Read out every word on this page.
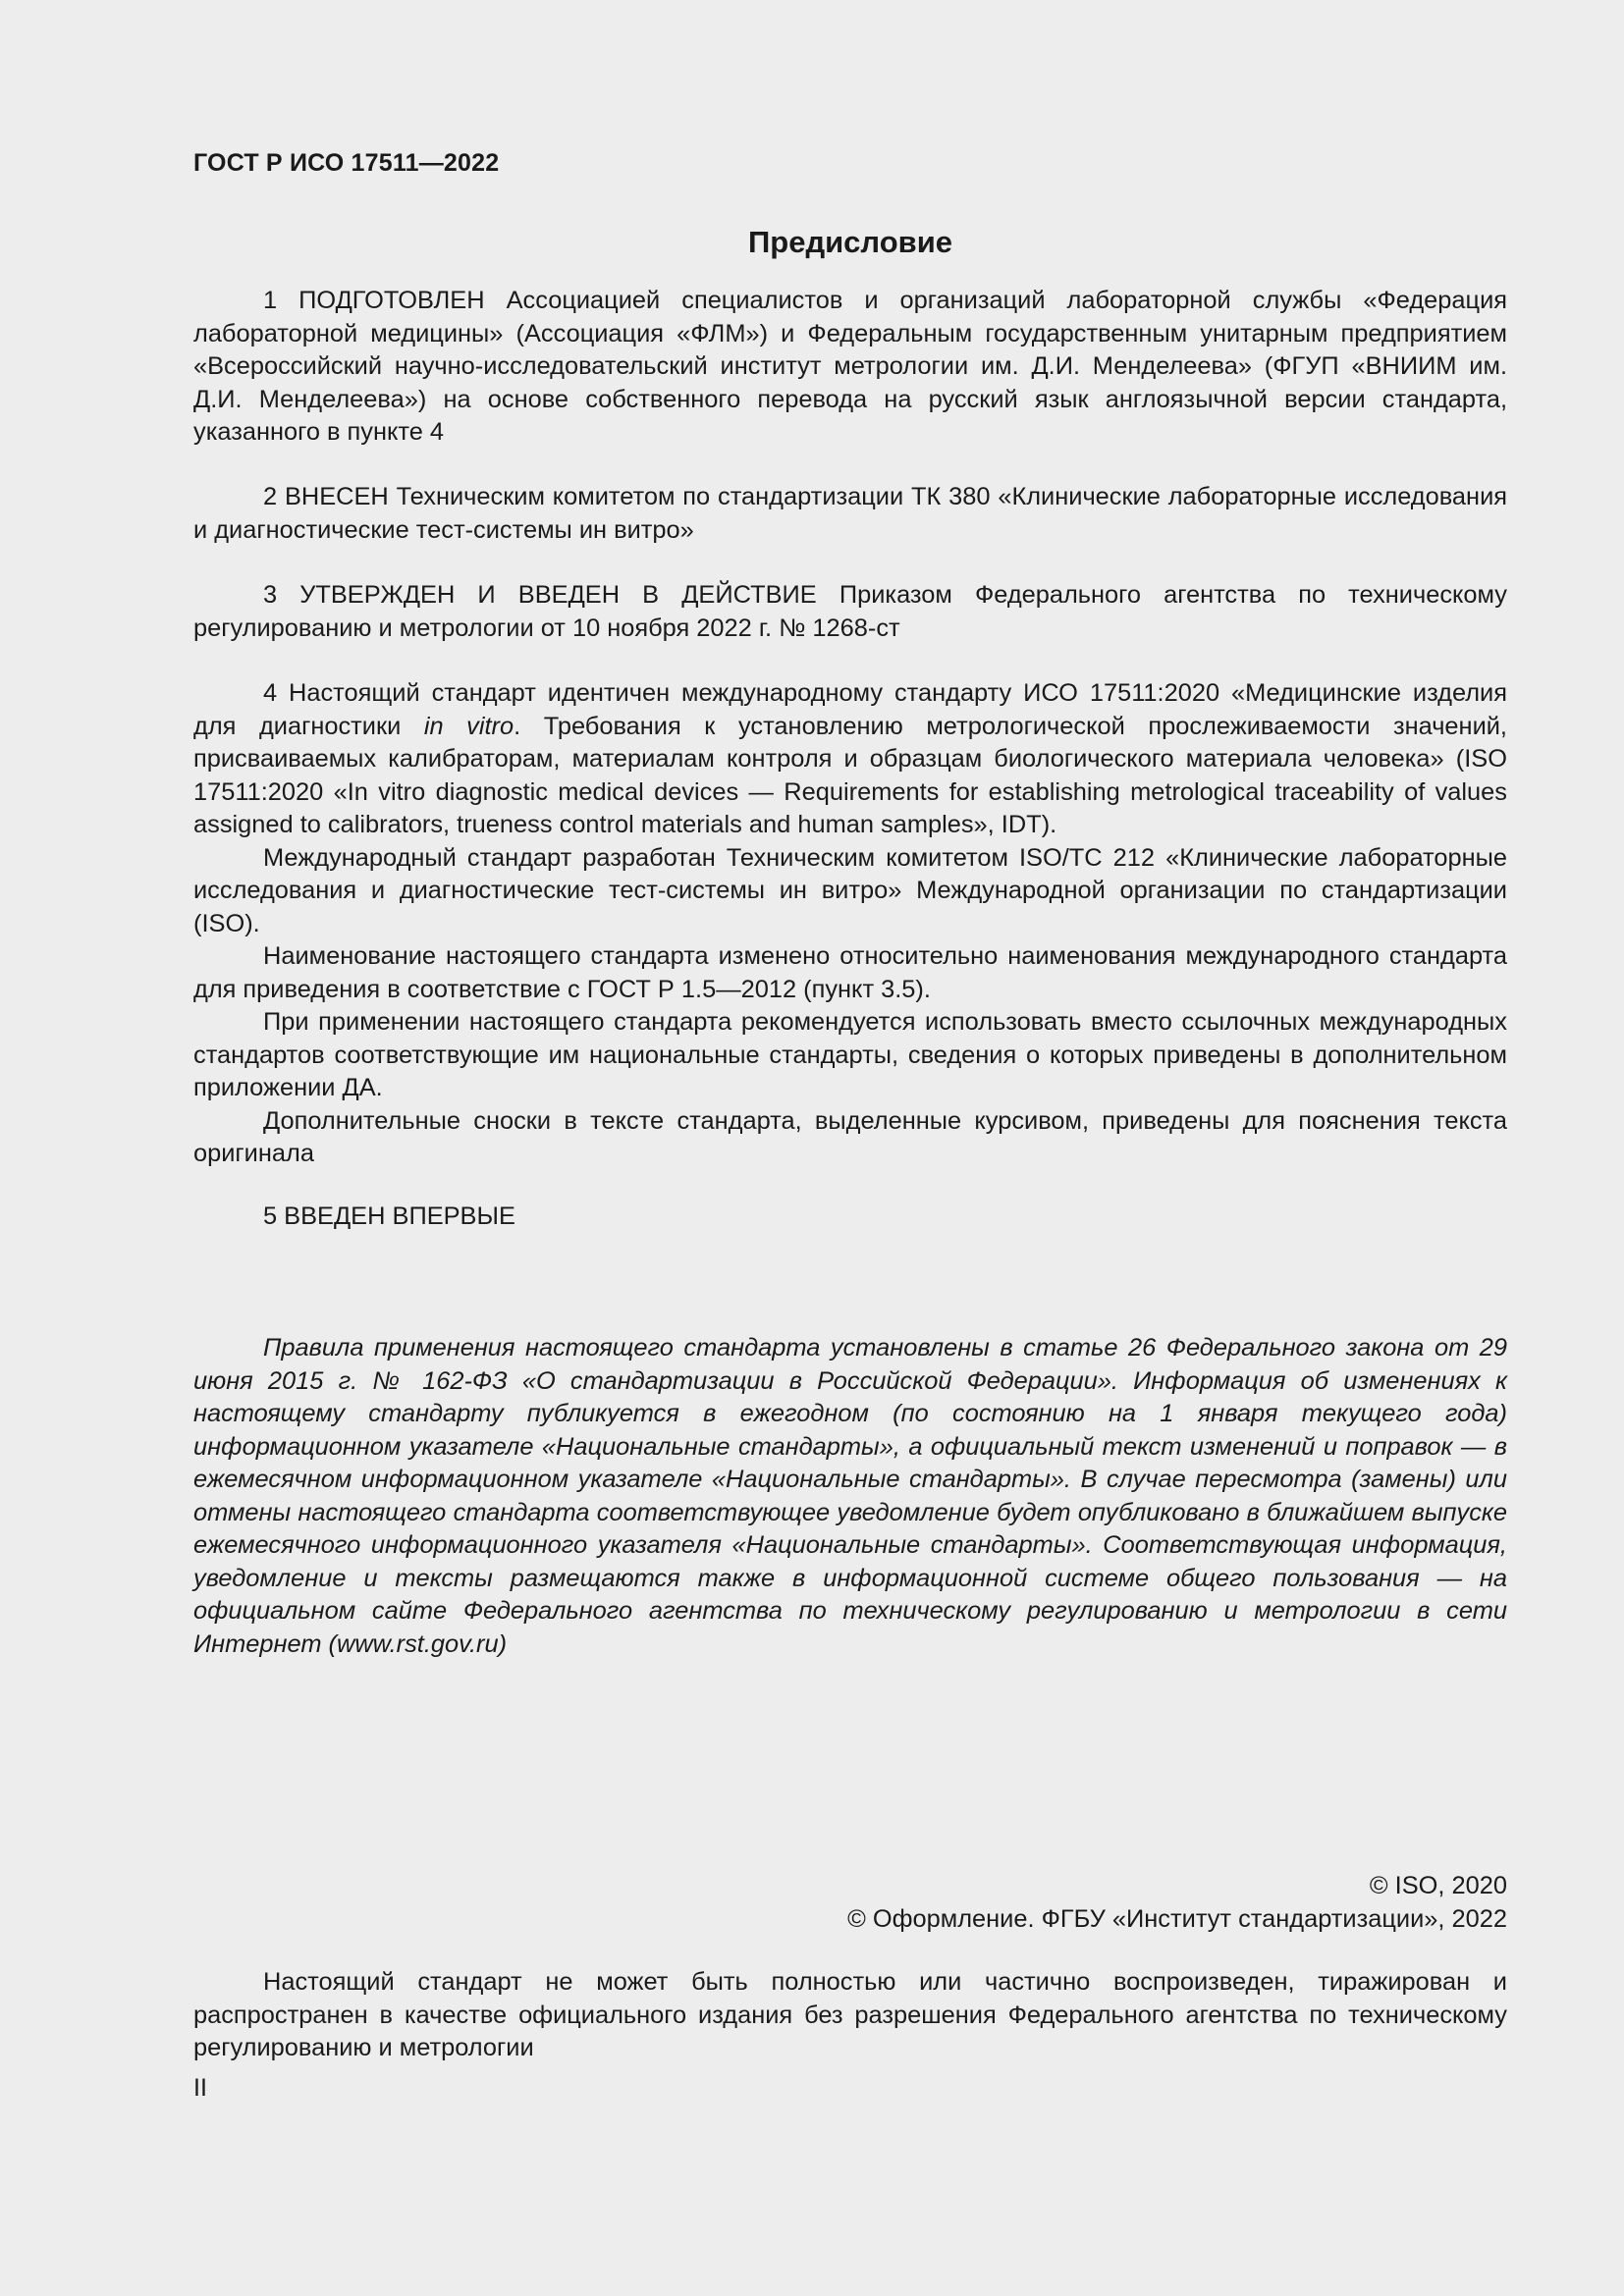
ГОСТ Р ИСО 17511—2022
Предисловие

1 ПОДГОТОВЛЕН Ассоциацией специалистов и организаций лабораторной службы «Федерация лабораторной медицины» (Ассоциация «ФЛМ») и Федеральным государственным унитарным предприятием «Всероссийский научно-исследовательский институт метрологии им. Д.И. Менделеева» (ФГУП «ВНИИМ им. Д.И. Менделеева») на основе собственного перевода на русский язык англоязычной версии стандарта, указанного в пункте 4

2 ВНЕСЕН Техническим комитетом по стандартизации ТК 380 «Клинические лабораторные исследования и диагностические тест-системы ин витро»

3 УТВЕРЖДЕН И ВВЕДЕН В ДЕЙСТВИЕ Приказом Федерального агентства по техническому регулированию и метрологии от 10 ноября 2022 г. № 1268-ст

4 Настоящий стандарт идентичен международному стандарту ИСО 17511:2020 «Медицинские изделия для диагностики in vitro. Требования к установлению метрологической прослеживаемости значений, присваиваемых калибраторам, материалам контроля и образцам биологического материала человека» (ISO 17511:2020 «In vitro diagnostic medical devices — Requirements for establishing metrological traceability of values assigned to calibrators, trueness control materials and human samples», IDT).

Международный стандарт разработан Техническим комитетом ISO/TC 212 «Клинические лабораторные исследования и диагностические тест-системы ин витро» Международной организации по стандартизации (ISO).

Наименование настоящего стандарта изменено относительно наименования международного стандарта для приведения в соответствие с ГОСТ Р 1.5—2012 (пункт 3.5).

При применении настоящего стандарта рекомендуется использовать вместо ссылочных международных стандартов соответствующие им национальные стандарты, сведения о которых приведены в дополнительном приложении ДА.

Дополнительные сноски в тексте стандарта, выделенные курсивом, приведены для пояснения текста оригинала

5 ВВЕДЕН ВПЕРВЫЕ

Правила применения настоящего стандарта установлены в статье 26 Федерального закона от 29 июня 2015 г. № 162-ФЗ «О стандартизации в Российской Федерации». Информация об изменениях к настоящему стандарту публикуется в ежегодном (по состоянию на 1 января текущего года) информационном указателе «Национальные стандарты», а официальный текст изменений и поправок — в ежемесячном информационном указателе «Национальные стандарты». В случае пересмотра (замены) или отмены настоящего стандарта соответствующее уведомление будет опубликовано в ближайшем выпуске ежемесячного информационного указателя «Национальные стандарты». Соответствующая информация, уведомление и тексты размещаются также в информационной системе общего пользования — на официальном сайте Федерального агентства по техническому регулированию и метрологии в сети Интернет (www.rst.gov.ru)

© ISO, 2020
© Оформление. ФГБУ «Институт стандартизации», 2022

Настоящий стандарт не может быть полностью или частично воспроизведен, тиражирован и распространен в качестве официального издания без разрешения Федерального агентства по техническому регулированию и метрологии

II
